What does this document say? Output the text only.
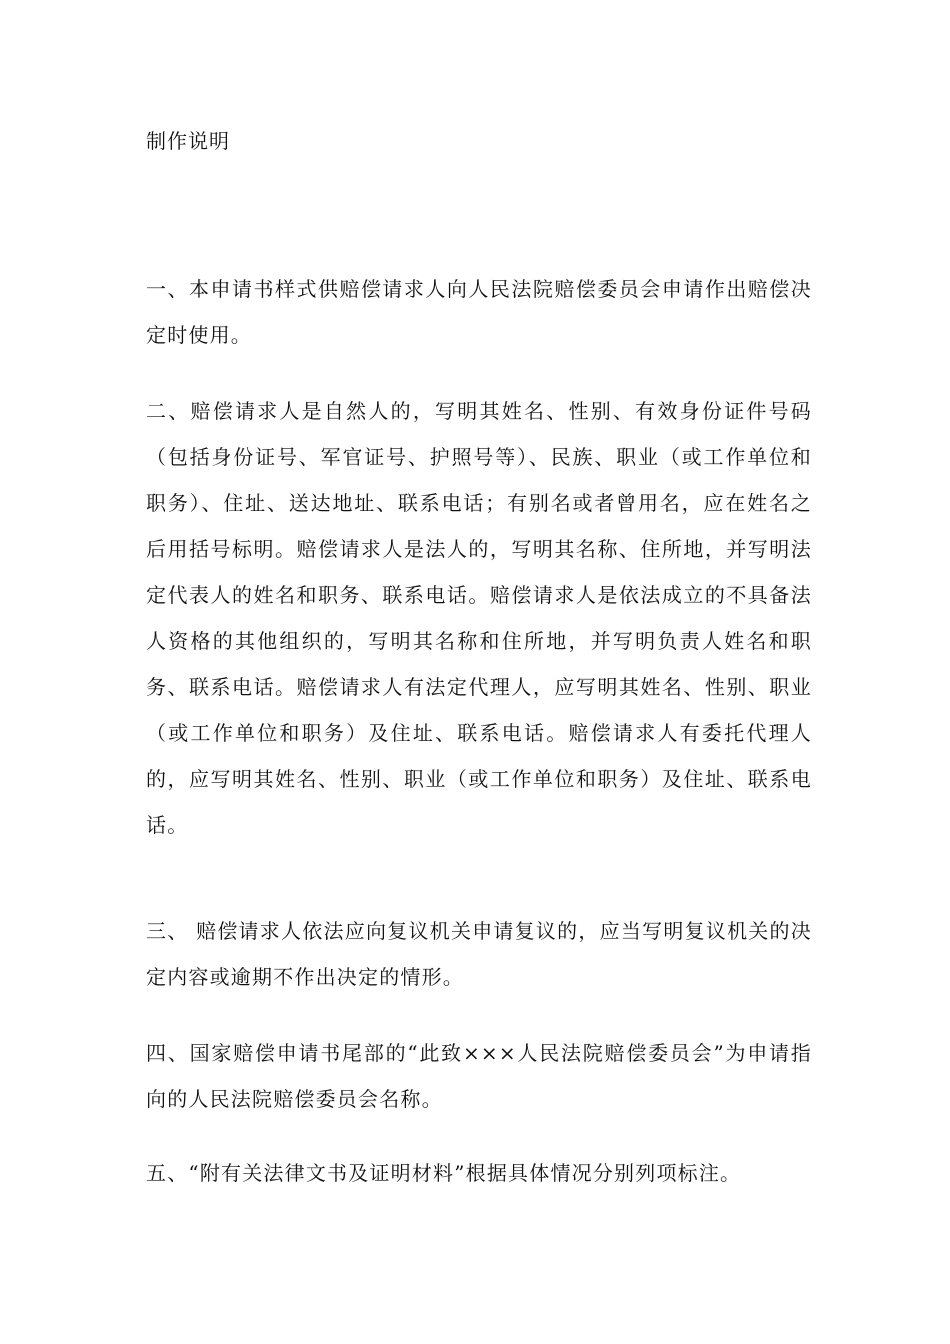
制作说明

一、本申请书样式供赔偿请求人向人民法院赔偿委员会申请作出赔偿决定时使用。

二、赔偿请求人是自然人的，写明其姓名、性别、有效身份证件号码（包括身份证号、军官证号、护照号等）、民族、职业（或工作单位和职务）、住址、送达地址、联系电话；有别名或者曾用名，应在姓名之后用括号标明。赔偿请求人是法人的，写明其名称、住所地，并写明法定代表人的姓名和职务、联系电话。赔偿请求人是依法成立的不具备法人资格的其他组织的，写明其名称和住所地，并写明负责人姓名和职务、联系电话。赔偿请求人有法定代理人，应写明其姓名、性别、职业（或工作单位和职务）及住址、联系电话。赔偿请求人有委托代理人的，应写明其姓名、性别、职业（或工作单位和职务）及住址、联系电话。

三、 赔偿请求人依法应向复议机关申请复议的，应当写明复议机关的决定内容或逾期不作出决定的情形。

四、国家赔偿申请书尾部的“此致×××人民法院赔偿委员会”为申请指向的人民法院赔偿委员会名称。

五、“附有关法律文书及证明材料”根据具体情况分别列项标注。
